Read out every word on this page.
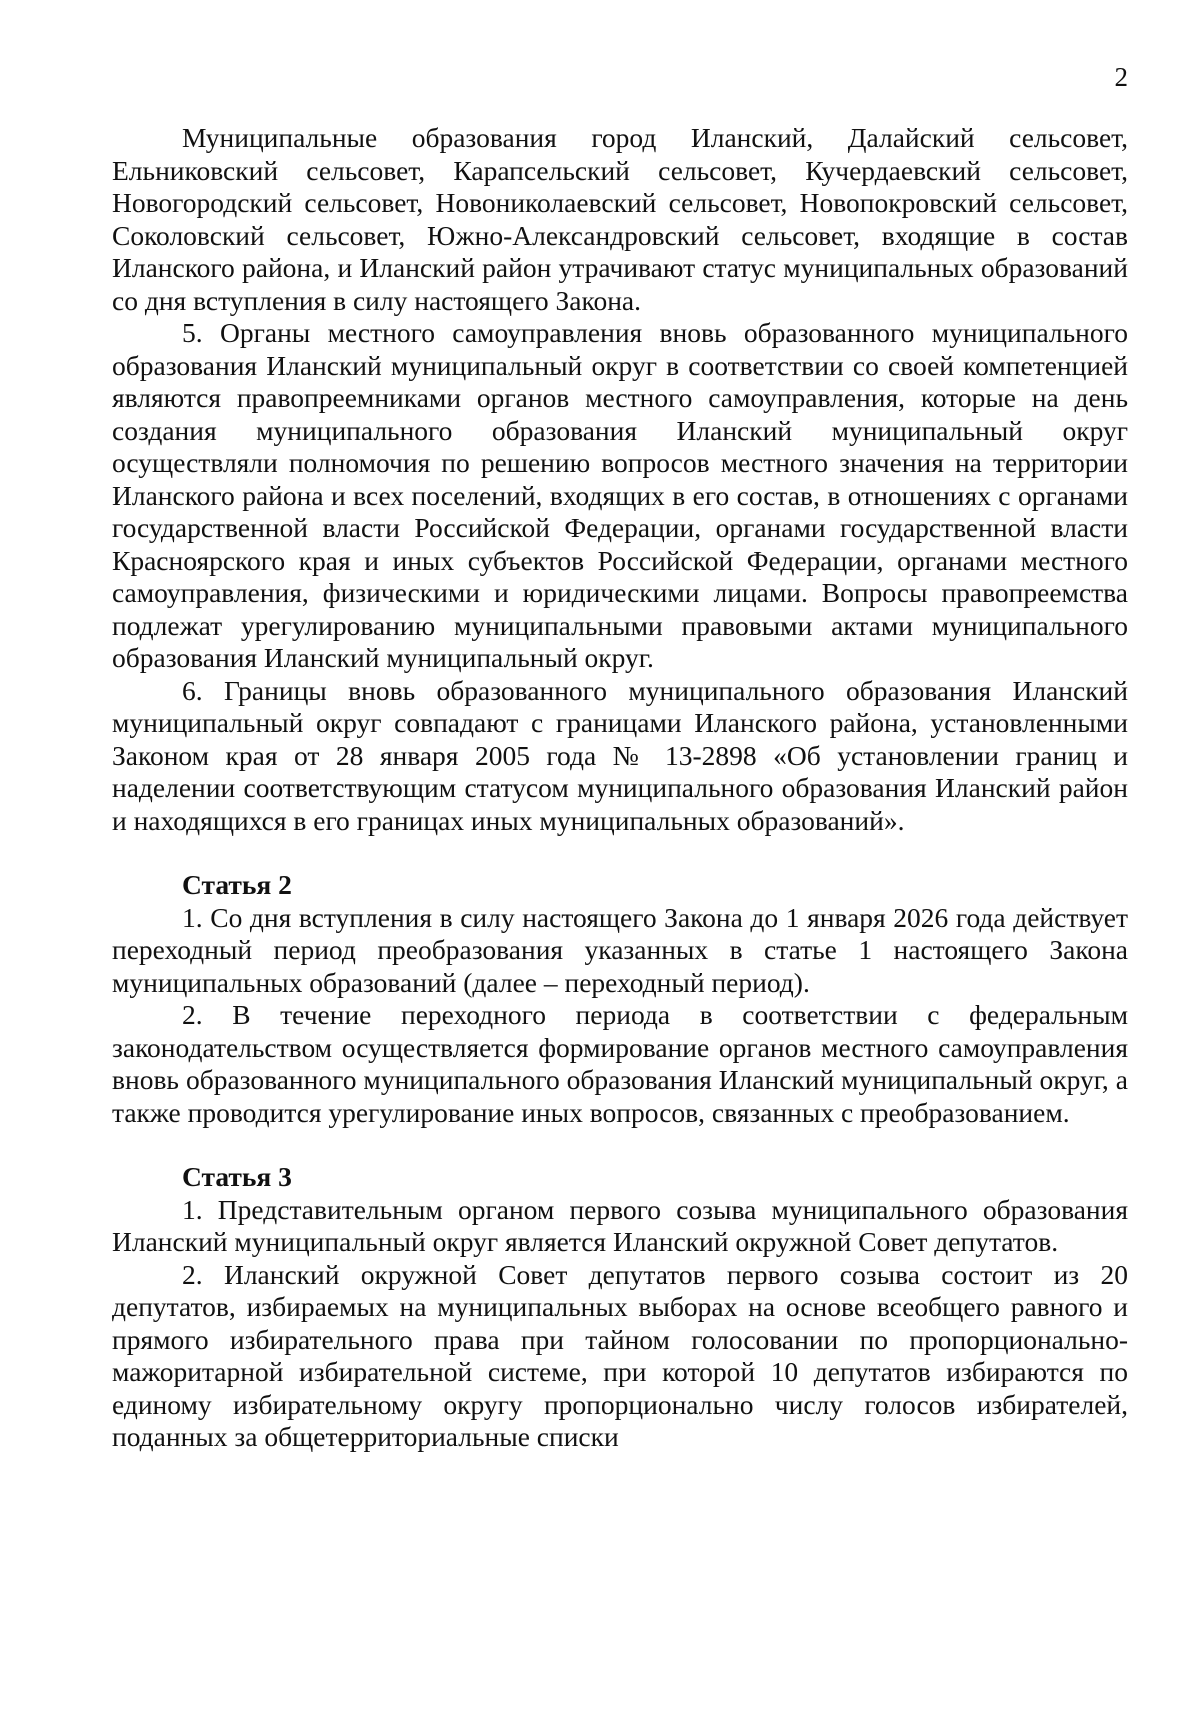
2

Муниципальные образования город Иланский, Далайский сельсовет, Ельниковский сельсовет, Карапсельский сельсовет, Кучердаевский сельсовет, Новогородский сельсовет, Новониколаевский сельсовет, Новопокровский сельсовет, Соколовский сельсовет, Южно-Александровский сельсовет, входящие в состав Иланского района, и Иланский район утрачивают статус муниципальных образований со дня вступления в силу настоящего Закона.

5. Органы местного самоуправления вновь образованного муниципального образования Иланский муниципальный округ в соответствии со своей компетенцией являются правопреемниками органов местного самоуправления, которые на день создания муниципального образования Иланский муниципальный округ осуществляли полномочия по решению вопросов местного значения на территории Иланского района и всех поселений, входящих в его состав, в отношениях с органами государственной власти Российской Федерации, органами государственной власти Красноярского края и иных субъектов Российской Федерации, органами местного самоуправления, физическими и юридическими лицами. Вопросы правопреемства подлежат урегулированию муниципальными правовыми актами муниципального образования Иланский муниципальный округ.

6. Границы вновь образованного муниципального образования Иланский муниципальный округ совпадают с границами Иланского района, установленными Законом края от 28 января 2005 года № 13-2898 «Об установлении границ и наделении соответствующим статусом муниципального образования Иланский район и находящихся в его границах иных муниципальных образований».

Статья 2

1. Со дня вступления в силу настоящего Закона до 1 января 2026 года действует переходный период преобразования указанных в статье 1 настоящего Закона муниципальных образований (далее – переходный период).

2. В течение переходного периода в соответствии с федеральным законодательством осуществляется формирование органов местного самоуправления вновь образованного муниципального образования Иланский муниципальный округ, а также проводится урегулирование иных вопросов, связанных с преобразованием.

Статья 3

1. Представительным органом первого созыва муниципального образования Иланский муниципальный округ является Иланский окружной Совет депутатов.

2. Иланский окружной Совет депутатов первого созыва состоит из 20 депутатов, избираемых на муниципальных выборах на основе всеобщего равного и прямого избирательного права при тайном голосовании по пропорционально-мажоритарной избирательной системе, при которой 10 депутатов избираются по единому избирательному округу пропорционально числу голосов избирателей, поданных за общетерриториальные списки
